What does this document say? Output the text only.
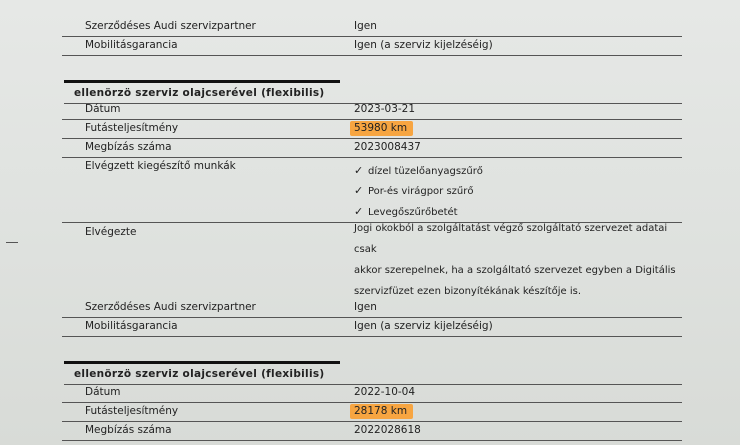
Szerződéses Audi szervizpartner	Igen
Mobilitásgarancia	Igen (a szerviz kijelzéséig)
ellenörzö szerviz olajcserével (flexibilis)
Dátum	2023-03-21
Futásteljesítmény	53980 km
Megbízás száma	2023008437
Elvégzett kiegészítő munkák	✓ dízel tüzelőanyagszűrő
✓ Por-és virágpor szűrő
✓ Levegőszűrőbetét
Elvégezte	Jogi okokból a szolgáltatást végző szolgáltató szervezet adatai csak
akkor szerepelnek, ha a szolgáltató szervezet egyben a Digitális
szervizfüzet ezen bizonyítékának készítője is.
Szerződéses Audi szervizpartner	Igen
Mobilitásgarancia	Igen (a szerviz kijelzéséig)
ellenörzö szerviz olajcserével (flexibilis)
Dátum	2022-10-04
Futásteljesítmény	28178 km
Megbízás száma	2022028618
